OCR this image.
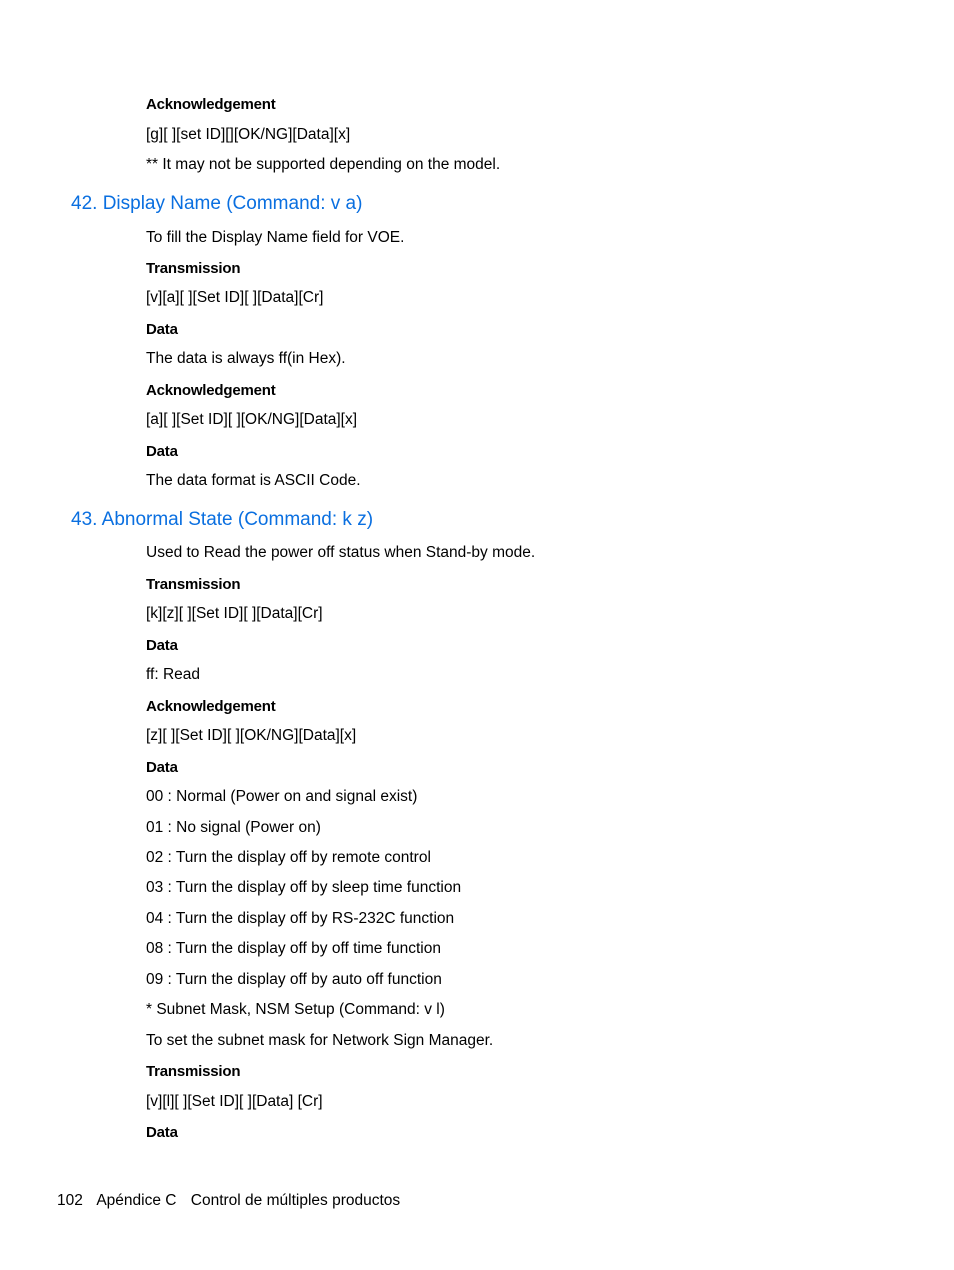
Acknowledgement
[g][ ][set ID][][OK/NG][Data][x]
** It may not be supported depending on the model.
42. Display Name (Command: v a)
To fill the Display Name field for VOE.
Transmission
[v][a][ ][Set ID][ ][Data][Cr]
Data
The data is always ff(in Hex).
Acknowledgement
[a][ ][Set ID][ ][OK/NG][Data][x]
Data
The data format is ASCII Code.
43. Abnormal State (Command: k z)
Used to Read the power off status when Stand-by mode.
Transmission
[k][z][ ][Set ID][ ][Data][Cr]
Data
ff: Read
Acknowledgement
[z][ ][Set ID][ ][OK/NG][Data][x]
Data
00 : Normal (Power on and signal exist)
01 : No signal (Power on)
02 : Turn the display off by remote control
03 : Turn the display off by sleep time function
04 : Turn the display off by RS-232C function
08 : Turn the display off by off time function
09 : Turn the display off by auto off function
* Subnet Mask, NSM Setup (Command: v l)
To set the subnet mask for Network Sign Manager.
Transmission
[v][l][ ][Set ID][ ][Data] [Cr]
Data
102 Apéndice C Control de múltiples productos
